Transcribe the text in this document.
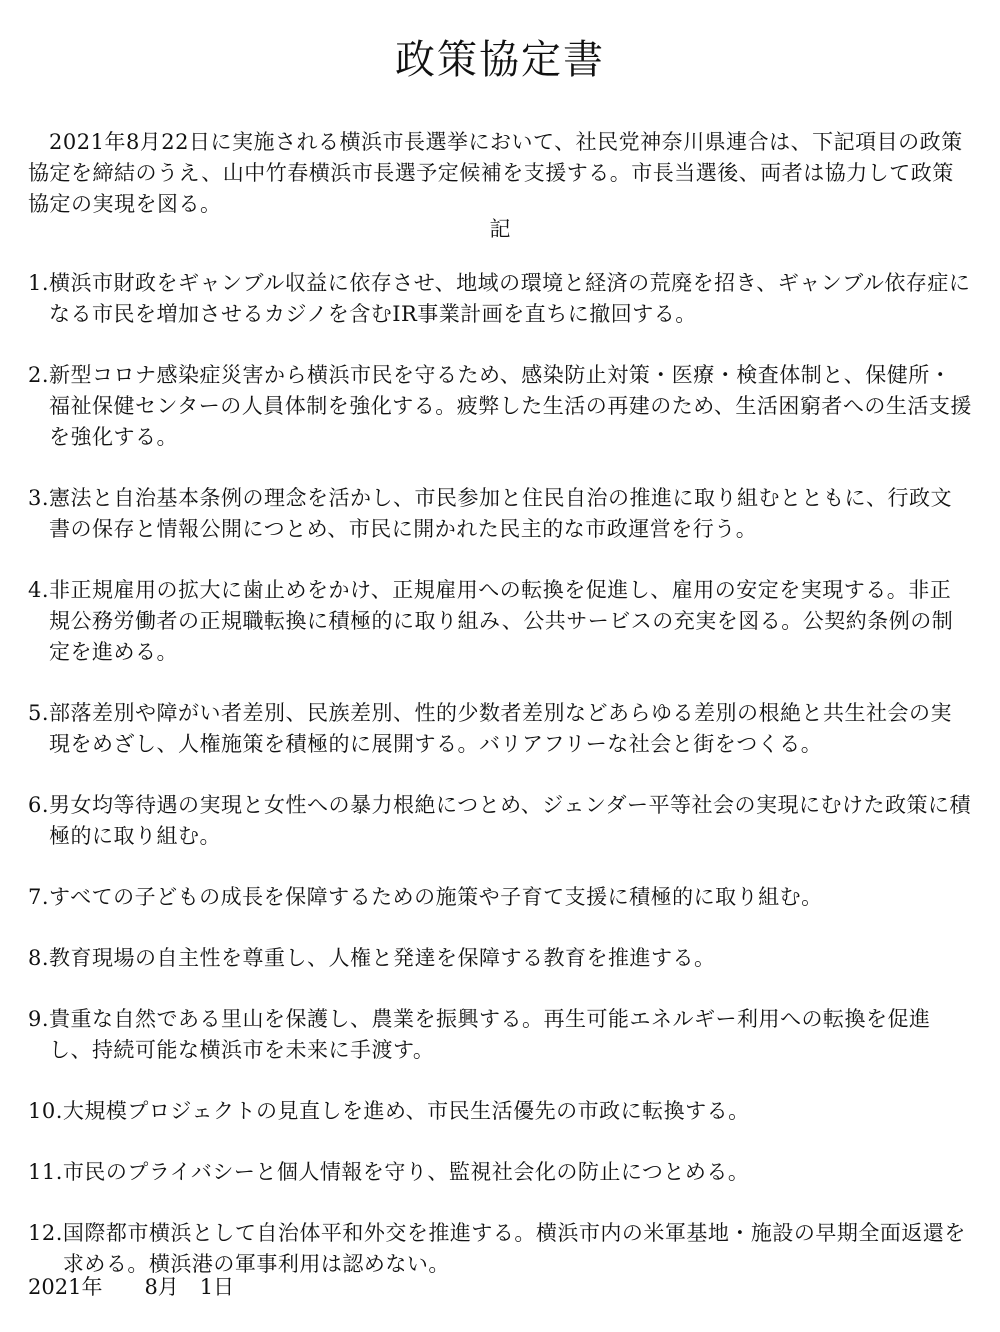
政策協定書
2021年8月22日に実施される横浜市長選挙において、社民党神奈川県連合は、下記項目の政策協定を締結のうえ、山中竹春横浜市長選予定候補を支援する。市長当選後、両者は協力して政策協定の実現を図る。
記
1. 横浜市財政をギャンブル収益に依存させ、地域の環境と経済の荒廃を招き、ギャンブル依存症になる市民を増加させるカジノを含むIR事業計画を直ちに撤回する。
2. 新型コロナ感染症災害から横浜市民を守るため、感染防止対策・医療・検査体制と、保健所・福祉保健センターの人員体制を強化する。疲弊した生活の再建のため、生活困窮者への生活支援を強化する。
3. 憲法と自治基本条例の理念を活かし、市民参加と住民自治の推進に取り組むとともに、行政文書の保存と情報公開につとめ、市民に開かれた民主的な市政運営を行う。
4. 非正規雇用の拡大に歯止めをかけ、正規雇用への転換を促進し、雇用の安定を実現する。非正規公務労働者の正規職転換に積極的に取り組み、公共サービスの充実を図る。公契約条例の制定を進める。
5. 部落差別や障がい者差別、民族差別、性的少数者差別などあらゆる差別の根絶と共生社会の実現をめざし、人権施策を積極的に展開する。バリアフリーな社会と街をつくる。
6. 男女均等待遇の実現と女性への暴力根絶につとめ、ジェンダー平等社会の実現にむけた政策に積極的に取り組む。
7. すべての子どもの成長を保障するための施策や子育て支援に積極的に取り組む。
8. 教育現場の自主性を尊重し、人権と発達を保障する教育を推進する。
9. 貴重な自然である里山を保護し、農業を振興する。再生可能エネルギー利用への転換を促進し、持続可能な横浜市を未来に手渡す。
10. 大規模プロジェクトの見直しを進め、市民生活優先の市政に転換する。
11. 市民のプライバシーと個人情報を守り、監視社会化の防止につとめる。
12. 国際都市横浜として自治体平和外交を推進する。横浜市内の米軍基地・施設の早期全面返還を求める。横浜港の軍事利用は認めない。
2021年　　8月　1日
